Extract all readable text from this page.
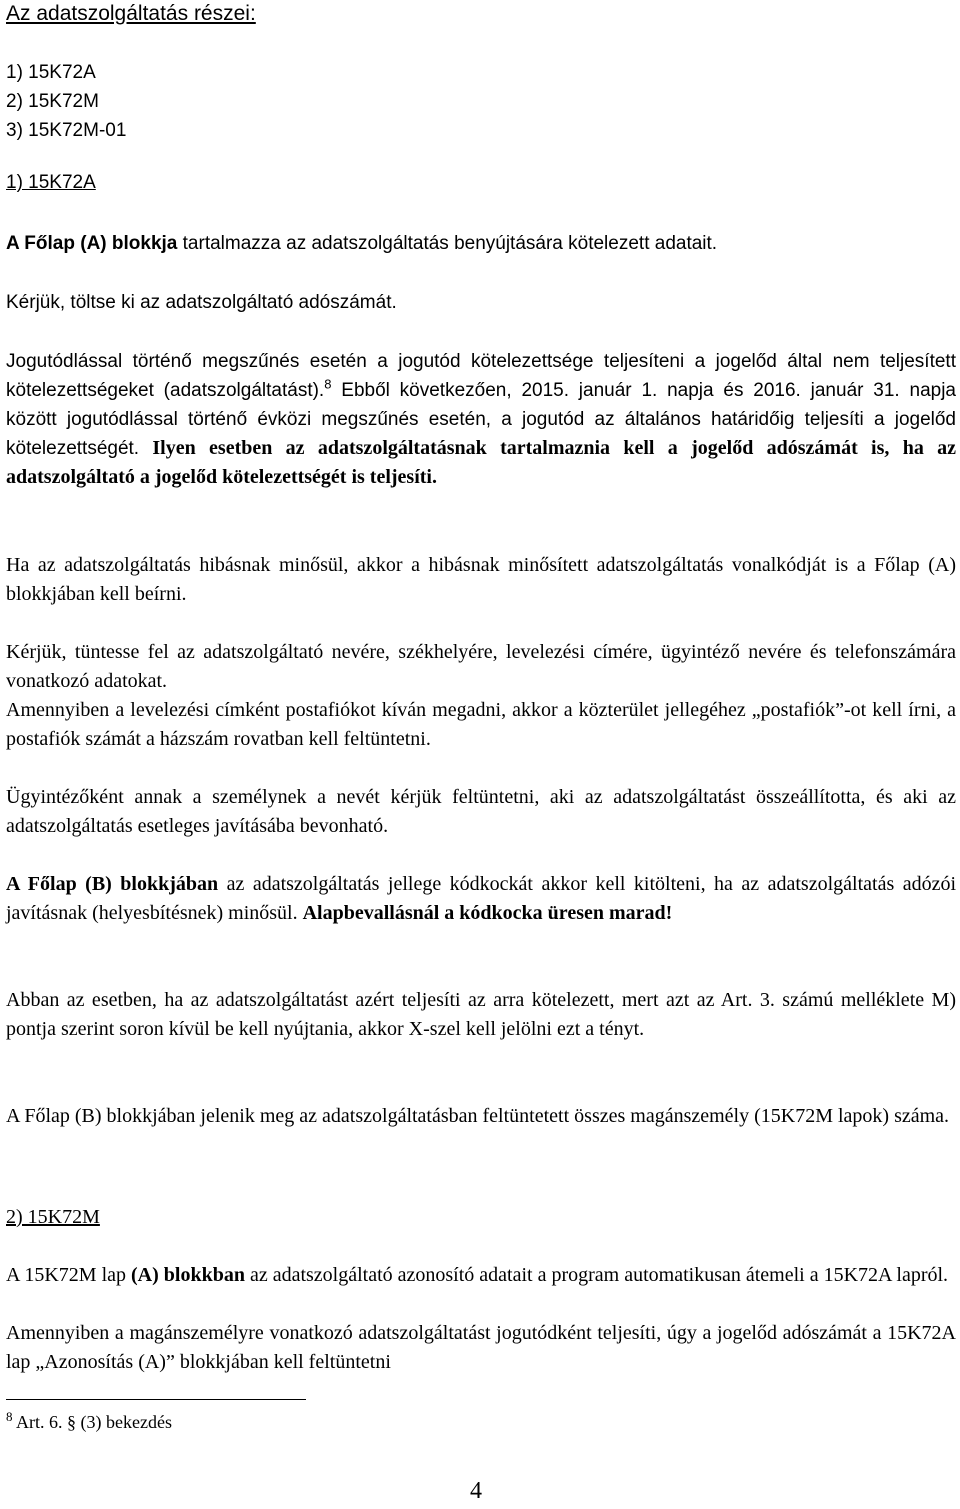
Az adatszolgáltatás részei:
1) 15K72A
2) 15K72M
3) 15K72M-01
1) 15K72A

A Főlap (A) blokkja tartalmazza az adatszolgáltatás benyújtására kötelezett adatait.

Kérjük, töltse ki az adatszolgáltató adószámát.

Jogutódlással történő megszűnés esetén a jogutód kötelezettsége teljesíteni a jogelőd által nem teljesített kötelezettségeket (adatszolgáltatást).$^8$ Ebből következően, 2015. január 1. napja és 2016. január 31. napja között jogutódlással történő évközi megszűnés esetén, a jogutód az általános határidőig teljesíti a jogelőd kötelezettségét. Ilyen esetben az adatszolgáltatásnak tartalmaznia kell a jogelőd adószámát is, ha az adatszolgáltató a jogelőd kötelezettségét is teljesíti.

Ha az adatszolgáltatás hibásnak minősül, akkor a hibásnak minősített adatszolgáltatás vonalkódját is a Főlap (A) blokkjában kell beírni.

Kérjük, tüntesse fel az adatszolgáltató nevére, székhelyére, levelezési címére, ügyintéző nevére és telefonszámára vonatkozó adatokat.

Amennyiben a levelezési címként postafiókot kíván megadni, akkor a közterület jellegéhez „postafiók”-ot kell írni, a postafiók számát a házszám rovatban kell feltüntetni.

Ügyintézőként annak a személynek a nevét kérjük feltüntetni, aki az adatszolgáltatást összeállította, és aki az adatszolgáltatás esetleges javításába bevonható.

A Főlap (B) blokkjában az adatszolgáltatás jellege kódkockát akkor kell kitölteni, ha az adatszolgáltatás adózói javításnak (helyesbítésnek) minősül. Alapbevallásnál a kódkocka üresen marad!

Abban az esetben, ha az adatszolgáltatást azért teljesíti az arra kötelezett, mert azt az Art. 3. számú melléklete M) pontja szerint soron kívül be kell nyújtania, akkor X-szel kell jelölni ezt a tényt.

A Főlap (B) blokkjában jelenik meg az adatszolgáltatásban feltüntetett összes magánszemély (15K72M lapok) száma.

2) 15K72M

A 15K72M lap (A) blokkban az adatszolgáltató azonosító adatait a program automatikusan átemeli a 15K72A lapról.

Amennyiben a magánszemélyre vonatkozó adatszolgáltatást jogutódként teljesíti, úgy a jogelőd adószámát a 15K72A lap „Azonosítás (A)” blokkjában kell feltüntetni

$^8$ Art. 6. § (3) bekezdés
4
